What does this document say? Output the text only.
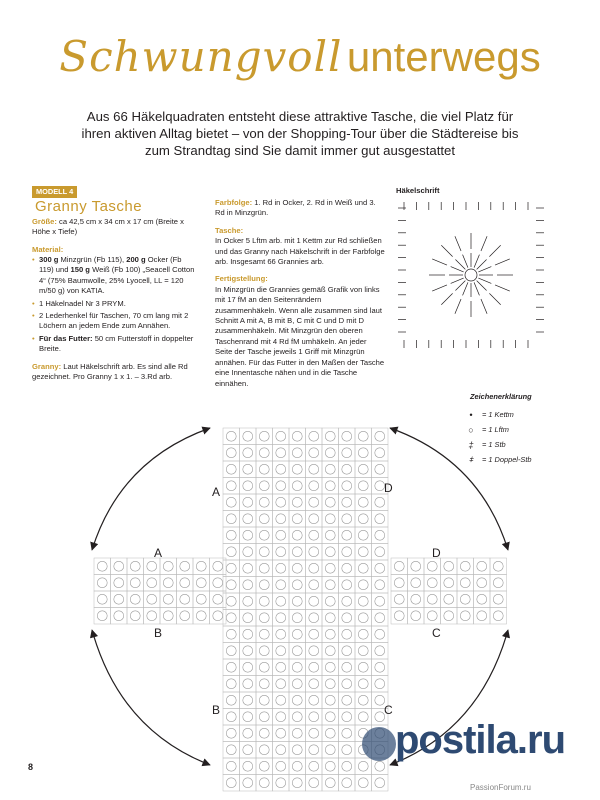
Schwungvoll unterwegs
Aus 66 Häkelquadraten entsteht diese attraktive Tasche, die viel Platz für ihren aktiven Alltag bietet – von der Shopping-Tour über die Städtereise bis zum Strandtag sind Sie damit immer gut ausgestattet
MODELL 4
Granny Tasche
Größe: ca 42,5 cm x 34 cm x 17 cm (Breite x Höhe x Tiefe)
Material:
• 300 g Minzgrün (Fb 115), 200 g Ocker (Fb 119) und 150 g Weiß (Fb 100) „Seacell Cotton 4“ (75% Baumwolle, 25% Lyocell, LL = 120 m/50 g) von KATIA.
• 1 Häkelnadel Nr 3 PRYM.
• 2 Lederhenkel für Taschen, 70 cm lang mit 2 Löchern an jedem Ende zum Annähen.
• Für das Futter: 50 cm Futterstoff in doppelter Breite.
Granny: Laut Häkelschrift arb. Es sind alle Rd gezeichnet. Pro Granny 1 x 1. – 3.Rd arb.
Farbfolge: 1. Rd in Ocker, 2. Rd in Weiß und 3. Rd in Minzgrün.
Tasche:
In Ocker 5 Lftm arb. mit 1 Kettm zur Rd schließen und das Granny nach Häkelschrift in der Farbfolge arb. Insgesamt 66 Grannies arb.
Fertigstellung:
In Minzgrün die Grannies gemäß Grafik von links mit 17 fM an den Seitenrändern zusammenhäkeln. Wenn alle zusammen sind laut Schnitt A mit A, B mit B, C mit C und D mit D zusammenhäkeln. Mit Minzgrün den oberen Taschenrand mit 4 Rd fM umhäkeln. An jeder Seite der Tasche jeweils 1 Griff mit Minzgrün annähen. Für das Futter in den Maßen der Tasche eine Innentasche nähen und in die Tasche einnähen.
Häkelschrift
Zeichenerklärung
•	= 1 Kettm
○	= 1 Lftm
‡	= 1 Stb
⧧	= 1 Doppel-Stb
A
A
B
B
D
D
C
C
postila.ru
PassionForum.ru
8
